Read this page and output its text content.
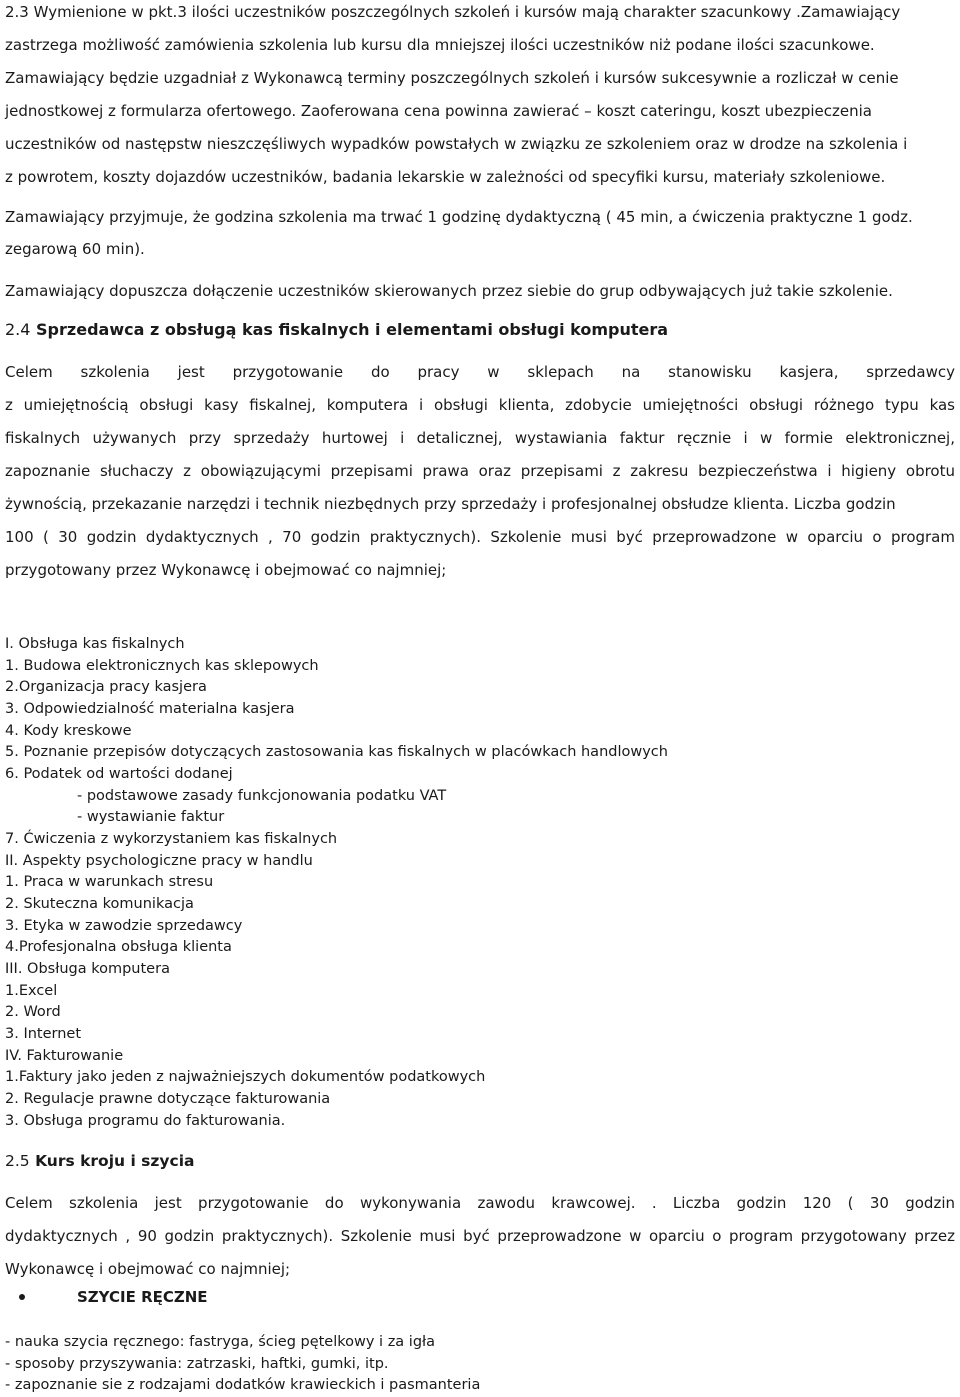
2.3 Wymienione w pkt.3 ilości uczestników poszczególnych szkoleń i kursów mają charakter szacunkowy .Zamawiający
zastrzega możliwość zamówienia szkolenia lub kursu dla mniejszej ilości uczestników niż podane ilości szacunkowe.
Zamawiający będzie uzgadniał z Wykonawcą terminy poszczególnych szkoleń i kursów sukcesywnie a rozliczał w cenie
jednostkowej z formularza ofertowego. Zaoferowana cena powinna zawierać – koszt cateringu, koszt ubezpieczenia
uczestników od następstw nieszczęśliwych wypadków powstałych w związku ze szkoleniem oraz w drodze na szkolenia i
z powrotem, koszty dojazdów uczestników, badania lekarskie w zależności od specyfiki kursu, materiały szkoleniowe.
Zamawiający przyjmuje, że godzina szkolenia ma trwać 1 godzinę dydaktyczną ( 45 min, a ćwiczenia praktyczne 1 godz.
zegarową 60 min).
Zamawiający dopuszcza dołączenie uczestników skierowanych przez siebie do grup odbywających już takie szkolenie.
2.4 Sprzedawca z obsługą kas fiskalnych i elementami obsługi komputera
Celem szkolenia jest przygotowanie do pracy w sklepach na stanowisku kasjera, sprzedawcy
z umiejętnością obsługi kasy fiskalnej, komputera i obsługi klienta, zdobycie umiejętności obsługi różnego typu kas
fiskalnych używanych przy sprzedaży hurtowej i detalicznej, wystawiania faktur ręcznie i w formie elektronicznej,
zapoznanie słuchaczy z obowiązującymi przepisami prawa oraz przepisami z zakresu bezpieczeństwa i higieny obrotu
żywnością, przekazanie narzędzi i technik niezbędnych przy sprzedaży i profesjonalnej obsłudze klienta. Liczba godzin
100 ( 30 godzin dydaktycznych , 70 godzin praktycznych). Szkolenie musi być przeprowadzone w oparciu o program
przygotowany przez Wykonawcę i obejmować co najmniej;
I. Obsługa kas fiskalnych
1. Budowa elektronicznych kas sklepowych
2.Organizacja pracy kasjera
3. Odpowiedzialność materialna kasjera
4. Kody kreskowe
5. Poznanie przepisów dotyczących zastosowania kas fiskalnych w placówkach handlowych
6. Podatek od wartości dodanej
- podstawowe zasady funkcjonowania podatku VAT
- wystawianie faktur
7. Ćwiczenia z wykorzystaniem kas fiskalnych
II. Aspekty psychologiczne pracy w handlu
1. Praca w warunkach stresu
2. Skuteczna komunikacja
3. Etyka w zawodzie sprzedawcy
4.Profesjonalna obsługa klienta
III. Obsługa komputera
1.Excel
2. Word
3. Internet
IV. Fakturowanie
1.Faktury jako jeden z najważniejszych dokumentów podatkowych
2. Regulacje prawne dotyczące fakturowania
3. Obsługa programu do fakturowania.
2.5 Kurs kroju i szycia
Celem szkolenia jest przygotowanie do wykonywania zawodu krawcowej. . Liczba godzin 120 ( 30 godzin
dydaktycznych , 90 godzin praktycznych). Szkolenie musi być przeprowadzone w oparciu o program przygotowany przez
Wykonawcę i obejmować co najmniej;
SZYCIE RĘCZNE
- nauka szycia ręcznego: fastryga, ścieg pętelkowy i za igła
- sposoby przyszywania: zatrzaski, haftki, gumki, itp.
- zapoznanie sie z rodzajami dodatków krawieckich i pasmanteria
